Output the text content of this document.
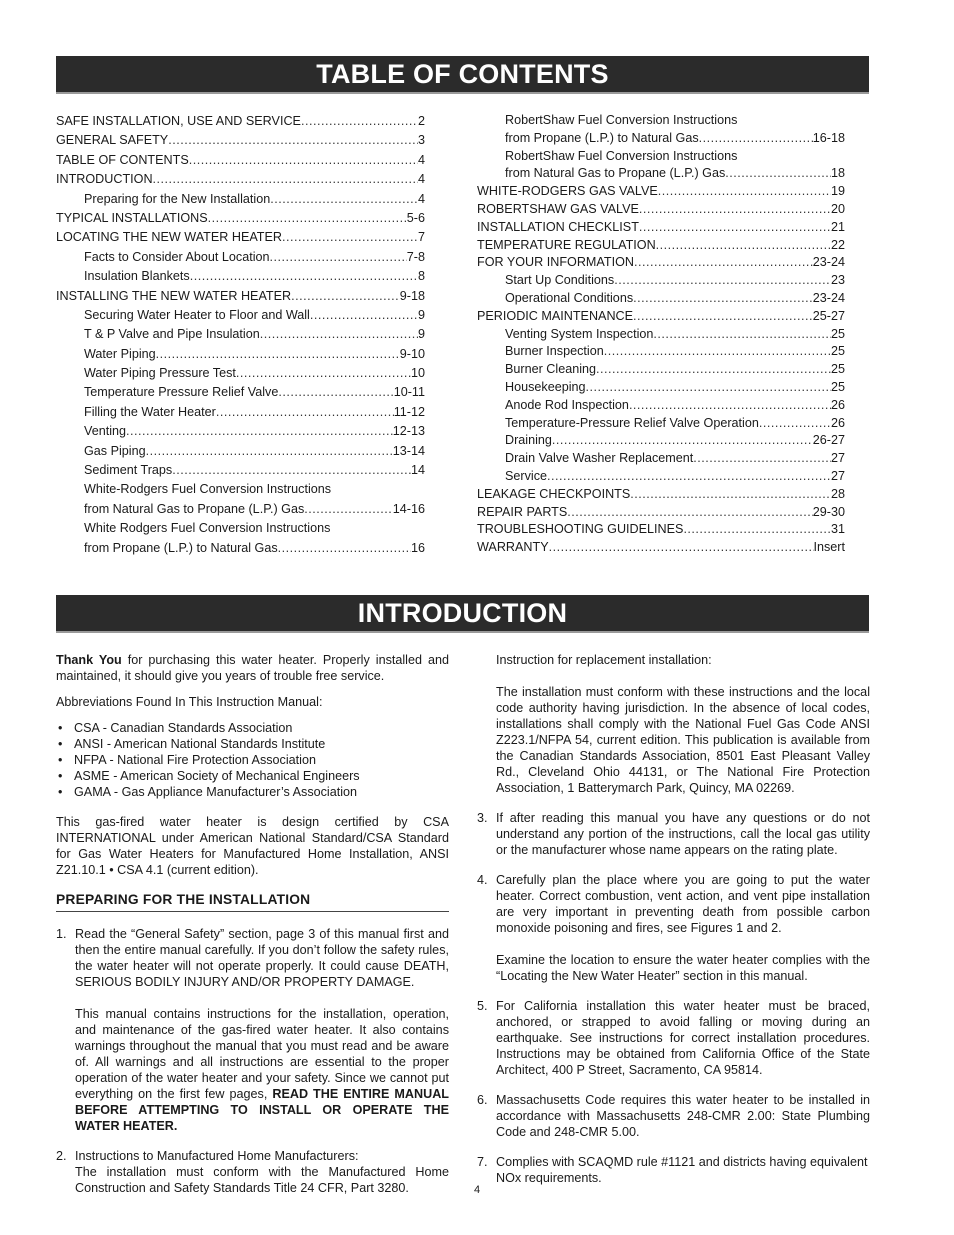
TABLE OF CONTENTS
SAFE INSTALLATION, USE AND SERVICE .....	2
GENERAL SAFETY .....	3
TABLE OF CONTENTS .....	4
INTRODUCTION .....	4
Preparing for the New Installation .....	4
TYPICAL INSTALLATIONS .....	5-6
LOCATING THE NEW WATER HEATER .....	7
Facts to Consider About Location .....	7-8
Insulation Blankets .....	8
INSTALLING THE NEW WATER HEATER .....	9-18
Securing Water Heater to Floor and Wall .....	9
T & P Valve and Pipe Insulation .....	9
Water Piping .....	9-10
Water Piping Pressure Test .....	10
Temperature Pressure Relief Valve .....	10-11
Filling the Water Heater .....	11-12
Venting .....	12-13
Gas Piping .....	13-14
Sediment Traps .....	14
White-Rodgers Fuel Conversion Instructions
from Natural Gas to Propane (L.P.) Gas .....	14-16
White Rodgers Fuel Conversion Instructions
from Propane (L.P.) to Natural Gas .....	16
RobertShaw Fuel Conversion Instructions
from Propane (L.P.) to Natural Gas .....	16-18
RobertShaw Fuel Conversion Instructions
from Natural Gas to Propane (L.P.) Gas .....	18
WHITE-RODGERS GAS VALVE .....	19
ROBERTSHAW GAS VALVE .....	20
INSTALLATION CHECKLIST .....	21
TEMPERATURE REGULATION .....	22
FOR YOUR INFORMATION .....	23-24
Start Up Conditions .....	23
Operational Conditions .....	23-24
PERIODIC MAINTENANCE .....	25-27
Venting System Inspection .....	25
Burner Inspection .....	25
Burner Cleaning .....	25
Housekeeping .....	25
Anode Rod Inspection .....	26
Temperature-Pressure Relief Valve Operation .....	26
Draining .....	26-27
Drain Valve Washer Replacement .....	27
Service .....	27
LEAKAGE CHECKPOINTS .....	28
REPAIR PARTS .....	29-30
TROUBLESHOOTING GUIDELINES .....	31
WARRANTY .....	Insert
INTRODUCTION

Thank You for purchasing this water heater. Properly installed and maintained, it should give you years of trouble free service.

Abbreviations Found In This Instruction Manual:

• CSA - Canadian Standards Association
• ANSI - American National Standards Institute
• NFPA - National Fire Protection Association
• ASME - American Society of Mechanical Engineers
• GAMA - Gas Appliance Manufacturer’s Association

This gas-fired water heater is design certified by CSA INTERNATIONAL under American National Standard/CSA Standard for Gas Water Heaters for Manufactured Home Installation, ANSI Z21.10.1 • CSA 4.1 (current edition).

PREPARING FOR THE INSTALLATION
1. Read the “General Safety” section, page 3 of this manual first and then the entire manual carefully. If you don’t follow the safety rules, the water heater will not operate properly. It could cause DEATH, SERIOUS BODILY INJURY AND/OR PROPERTY DAMAGE.

This manual contains instructions for the installation, operation, and maintenance of the gas-fired water heater. It also contains warnings throughout the manual that you must read and be aware of. All warnings and all instructions are essential to the proper operation of the water heater and your safety. Since we cannot put everything on the first few pages, READ THE ENTIRE MANUAL BEFORE ATTEMPTING TO INSTALL OR OPERATE THE WATER HEATER.

2. Instructions to Manufactured Home Manufacturers:

The installation must conform with the Manufactured Home Construction and Safety Standards Title 24 CFR, Part 3280.

Instruction for replacement installation:

The installation must conform with these instructions and the local code authority having jurisdiction. In the absence of local codes, installations shall comply with the National Fuel Gas Code ANSI Z223.1/NFPA 54, current edition. This publication is available from the Canadian Standards Association, 8501 East Pleasant Valley Rd., Cleveland Ohio 44131, or The National Fire Protection Association, 1 Batterymarch Park, Quincy, MA 02269.

3. If after reading this manual you have any questions or do not understand any portion of the instructions, call the local gas utility or the manufacturer whose name appears on the rating plate.

4. Carefully plan the place where you are going to put the water heater. Correct combustion, vent action, and vent pipe installation are very important in preventing death from possible carbon monoxide poisoning and fires, see Figures 1 and 2.

Examine the location to ensure the water heater complies with the “Locating the New Water Heater” section in this manual.

5. For California installation this water heater must be braced, anchored, or strapped to avoid falling or moving during an earthquake. See instructions for correct installation procedures. Instructions may be obtained from California Office of the State Architect, 400 P Street, Sacramento, CA 95814.

6. Massachusetts Code requires this water heater to be installed in accordance with Massachusetts 248-CMR 2.00: State Plumbing Code and 248-CMR 5.00.

7. Complies with SCAQMD rule #1121 and districts having equivalent NOx requirements.

4
